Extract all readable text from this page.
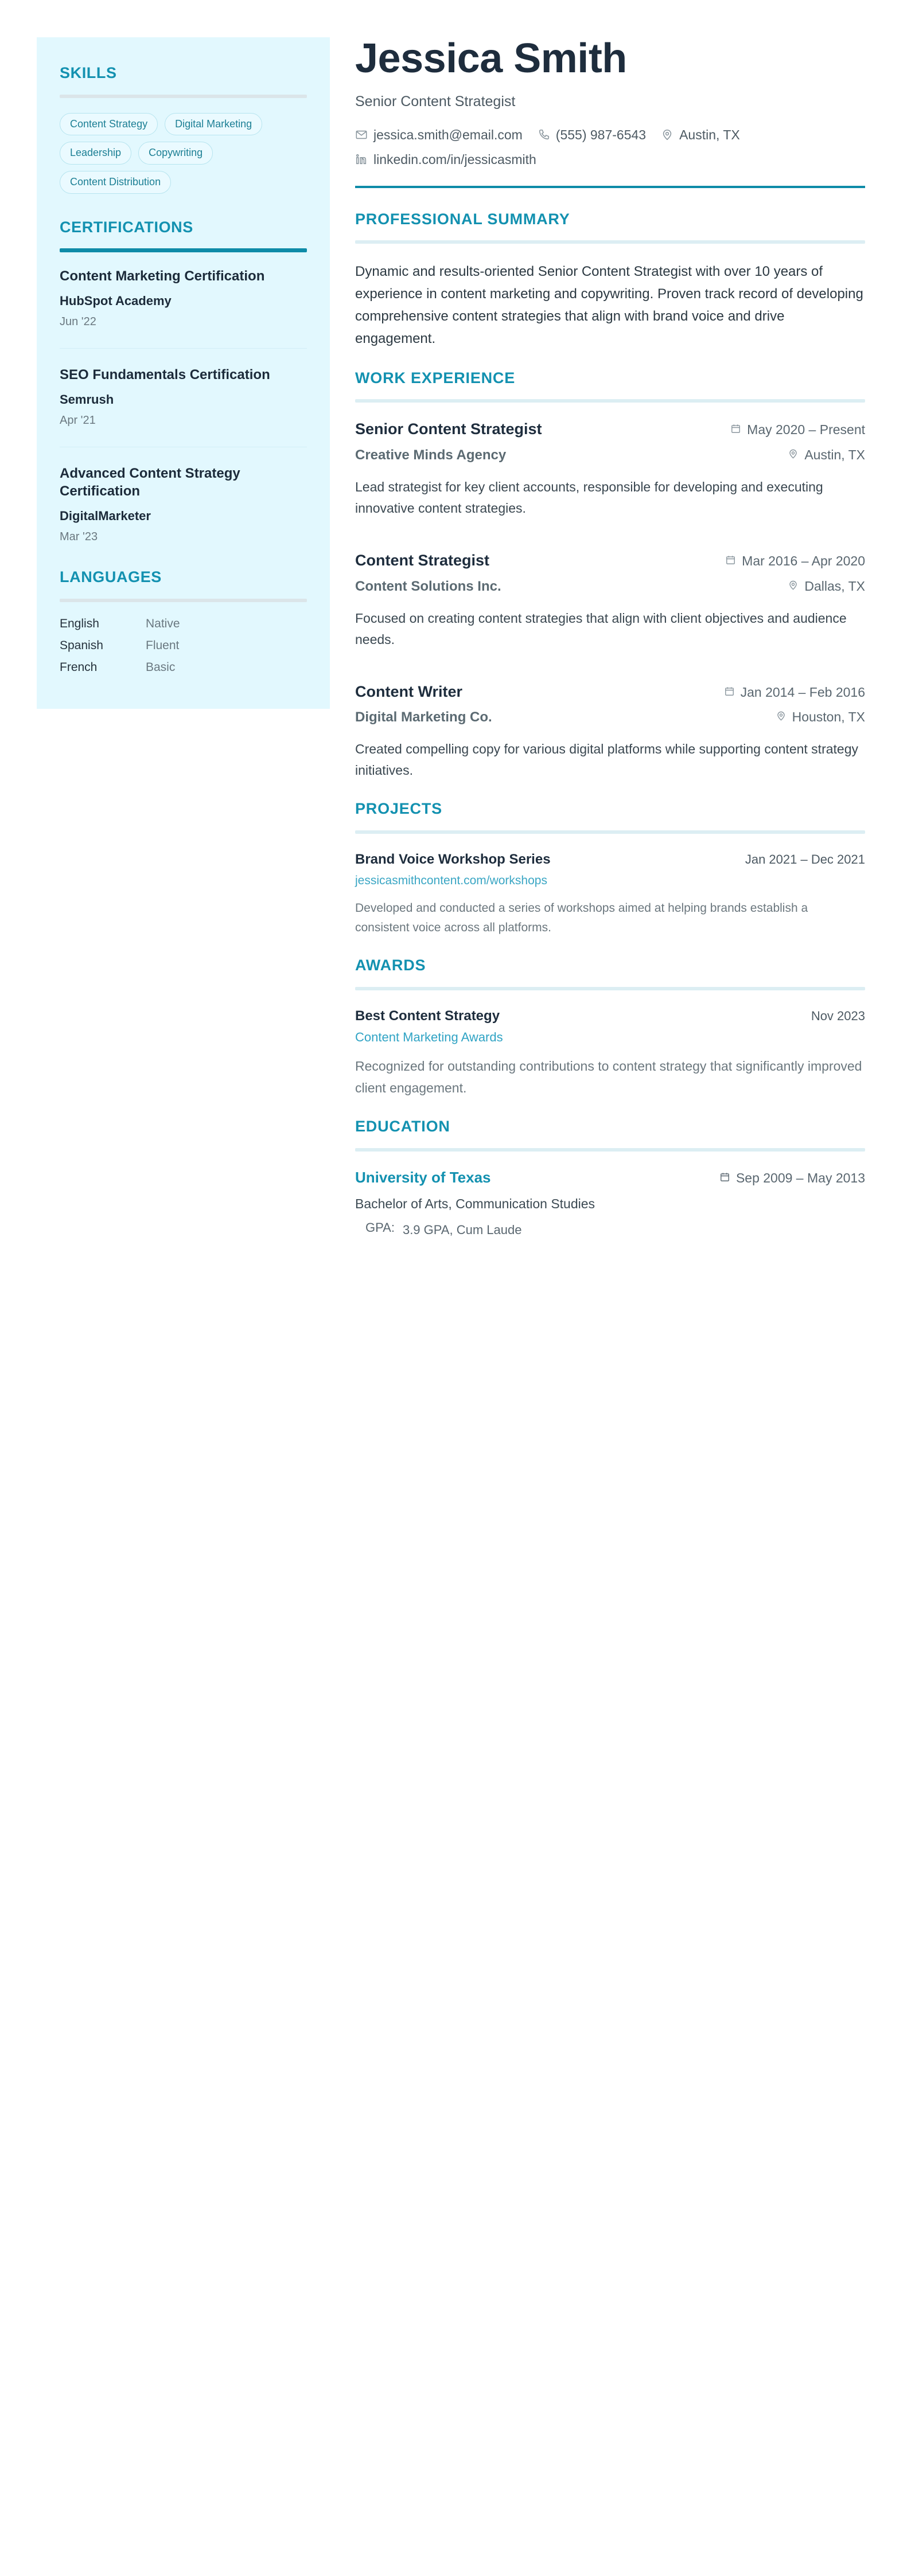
SKILLS
Content Strategy	Digital Marketing
Leadership	Copywriting
Content Distribution
CERTIFICATIONS
Content Marketing Certification
HubSpot Academy
Jun '22
SEO Fundamentals Certification
Semrush
Apr '21
Advanced Content Strategy Certification
DigitalMarketer
Mar '23
LANGUAGES
English	Native
Spanish	Fluent
French	Basic
Jessica Smith
Senior Content Strategist
jessica.smith@email.com	(555) 987-6543	Austin, TX
linkedin.com/in/jessicasmith
PROFESSIONAL SUMMARY

Dynamic and results-oriented Senior Content Strategist with over 10 years of experience in content marketing and copywriting. Proven track record of developing comprehensive content strategies that align with brand voice and drive engagement.

WORK EXPERIENCE
Senior Content Strategist	May 2020 – Present
Creative Minds Agency	Austin, TX

Lead strategist for key client accounts, responsible for developing and executing innovative content strategies.

Content Strategist	Mar 2016 – Apr 2020
Content Solutions Inc.	Dallas, TX

Focused on creating content strategies that align with client objectives and audience needs.

Content Writer	Jan 2014 – Feb 2016
Digital Marketing Co.	Houston, TX

Created compelling copy for various digital platforms while supporting content strategy initiatives.

PROJECTS
Brand Voice Workshop Series	Jan 2021 – Dec 2021
jessicasmithcontent.com/workshops

Developed and conducted a series of workshops aimed at helping brands establish a consistent voice across all platforms.

AWARDS
Best Content Strategy	Nov 2023
Content Marketing Awards

Recognized for outstanding contributions to content strategy that significantly improved client engagement.

EDUCATION
University of Texas	Sep 2009 – May 2013
Bachelor of Arts, Communication Studies
GPA: 3.9 GPA, Cum Laude
